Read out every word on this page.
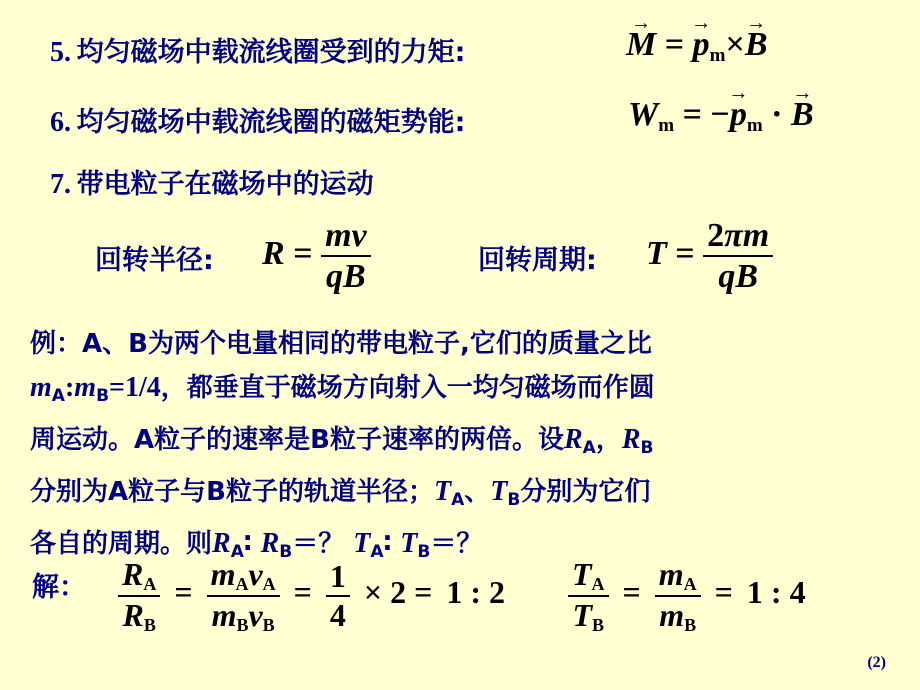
5. 均匀磁场中载流线圈受到的力矩:
→	M = → $p_m\times\to B$
6. 均匀磁场中载流线圈的磁矩势能:	$W_m$ = −→ $p_m$ · → B
7. 带电粒子在磁场中的运动
回转半径: $R = \frac{mv}{qB}$	回转周期: $T = \frac{2\pi m}{qB}$
例：A、B为两个电量相同的带电粒子,它们的质量之比
$m_A:m_B=1/4$，都垂直于磁场方向射入一均匀磁场而作圆
周运动。A粒子的速率是B粒子速率的两倍。设$R_A$，$R_B$
分别为A粒子与B粒子的轨道半径；$T_A$、$T_B$分别为它们
各自的周期。则$R_A∶$ $R_B=$？ $T_A∶$ $T_B=$？
解： $\frac{R_A}{R_B} = \frac{m_Av_A}{m_Bv_B} = \frac{1}{4} \times 2 = 1$ : $2 \frac{T_A}{T_B} = \frac{m_A}{m_B} = 1$ : 4
(2)
